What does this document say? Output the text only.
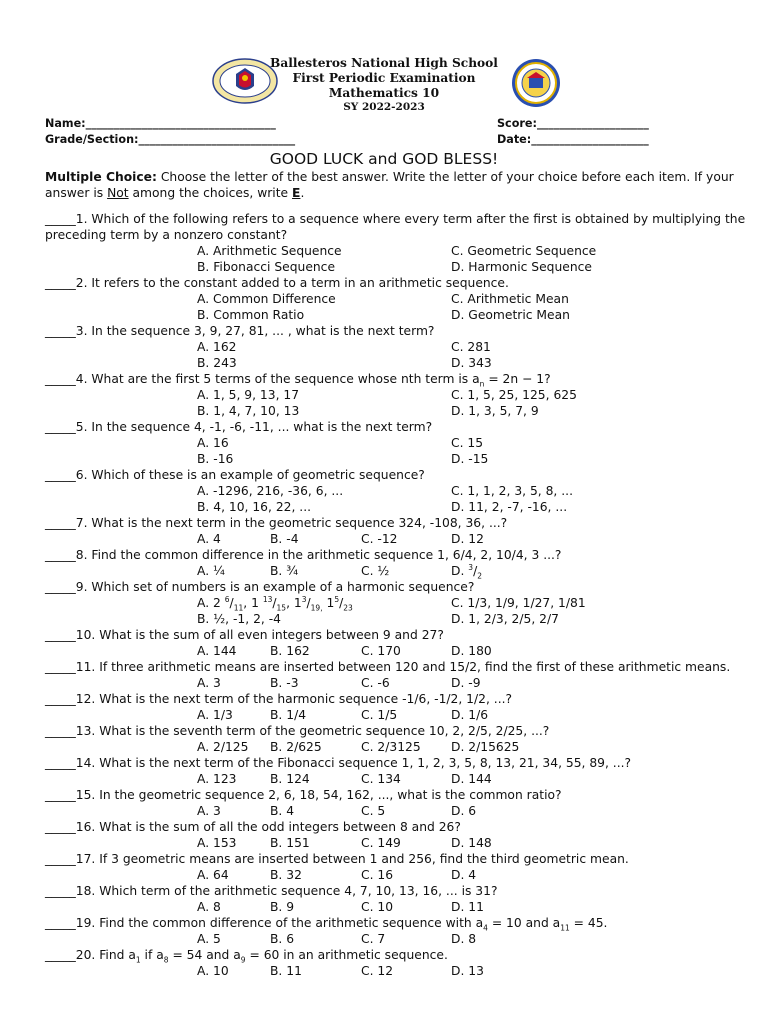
Ballesteros National High School
First Periodic Examination
Mathematics 10
SY 2022-2023
Name:__________________________________
Grade/Section:____________________________
Score:____________________
Date:_____________________
GOOD LUCK and GOD BLESS!
Multiple Choice: Choose the letter of the best answer. Write the letter of your choice before each item. If your answer is Not among the choices, write E.
_____1. Which of the following refers to a sequence where every term after the first is obtained by multiplying the preceding term by a nonzero constant?
A. Arithmetic Sequence	C. Geometric Sequence
B. Fibonacci Sequence	D. Harmonic Sequence
_____2. It refers to the constant added to a term in an arithmetic sequence.
A. Common Difference	C. Arithmetic Mean
B. Common Ratio	D. Geometric Mean
_____3. In the sequence 3, 9, 27, 81, ... , what is the next term?
A. 162	C. 281
B. 243	D. 343
_____4. What are the first 5 terms of the sequence whose nth term is $a_n = 2n - 1$?
A. 1, 5, 9, 13, 17	C. 1, 5, 25, 125, 625
B. 1, 4, 7, 10, 13	D. 1, 3, 5, 7, 9
_____5. In the sequence 4, -1, -6, -11, ... what is the next term?
A. 16	C. 15
B. -16	D. -15
_____6. Which of these is an example of geometric sequence?
A. -1296, 216, -36, 6, ...	C. 1, 1, 2, 3, 5, 8, ...
B. 4, 10, 16, 22, ...	D. 11, 2, -7, -16, ...
_____7. What is the next term in the geometric sequence 324, -108, 36, ...?
A. 4	B. -4	C. -12	D. 12
_____8. Find the common difference in the arithmetic sequence 1, 6/4, 2, 10/4, 3 ...?
A. ¼	B. ¾	C. ½	D. $^3/_2$
_____9. Which set of numbers is an example of a harmonic sequence?
A. 2 $^6/_{11}$, 1 $^{13}/_{15}$, $1^3/_{19,}$ $1^5/_{23}$	C. 1/3, 1/9, 1/27, 1/81
B. ½, -1, 2, -4	D. 1, 2/3, 2/5, 2/7
_____10. What is the sum of all even integers between 9 and 27?
A. 144	B. 162	C. 170	D. 180
_____11. If three arithmetic means are inserted between 120 and 15/2, find the first of these arithmetic means.
A. 3	B. -3	C. -6	D. -9
_____12. What is the next term of the harmonic sequence -1/6, -1/2, 1/2, ...?
A. 1/3	B. 1/4	C. 1/5	D. 1/6
_____13. What is the seventh term of the geometric sequence 10, 2, 2/5, 2/25, ...?
A. 2/125 B. 2/625	C. 2/3125 D. 2/15625
_____14. What is the next term of the Fibonacci sequence 1, 1, 2, 3, 5, 8, 13, 21, 34, 55, 89, ...?
A. 123	B. 124	C. 134	D. 144
_____15. In the geometric sequence 2, 6, 18, 54, 162, ..., what is the common ratio?
A. 3	B. 4	C. 5	D. 6
_____16. What is the sum of all the odd integers between 8 and 26?
A. 153	B. 151	C. 149	D. 148
_____17. If 3 geometric means are inserted between 1 and 256, find the third geometric mean.
A. 64	B. 32	C. 16	D. 4
_____18. Which term of the arithmetic sequence 4, 7, 10, 13, 16, ... is 31?
A. 8	B. 9	C. 10	D. 11
_____19. Find the common difference of the arithmetic sequence with $a_4 = 10$ and $a_{11} = 45$.
A. 5	B. 6	C. 7	D. 8
_____20. Find $a_1$ if $a_8 = 54$ and $a_9 = 60$ in an arithmetic sequence.
A. 10	B. 11	C. 12	D. 13
